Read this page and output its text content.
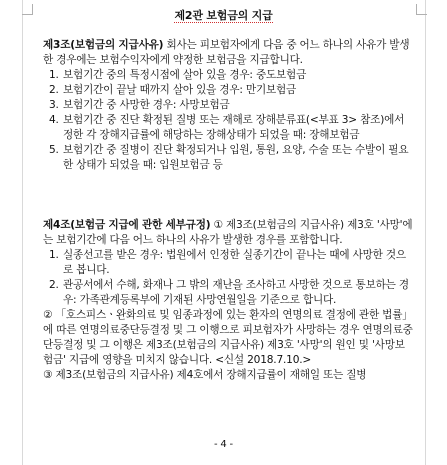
제2관 보험금의 지급

제3조(보험금의 지급사유) 회사는 피보험자에게 다음 중 어느 하나의 사유가 발생한 경우에는 보험수익자에게 약정한 보험금을 지급합니다.

1. 보험기간 중의 특정시점에 살아 있을 경우: 중도보험금
2. 보험기간이 끝날 때까지 살아 있을 경우: 만기보험금
3. 보험기간 중 사망한 경우: 사망보험금
4. 보험기간 중 진단 확정된 질병 또는 재해로 장해분류표(<부표 3> 참조)에서 정한 각 장해지급률에 해당하는 장해상태가 되었을 때: 장해보험금
5. 보험기간 중 질병이 진단 확정되거나 입원, 통원, 요양, 수술 또는 수발이 필요한 상태가 되었을 때: 입원보험금 등

제4조(보험금 지급에 관한 세부규정) ① 제3조(보험금의 지급사유) 제3호 '사망'에는 보험기간에 다음 어느 하나의 사유가 발생한 경우를 포함합니다.

1. 실종선고를 받은 경우: 법원에서 인정한 실종기간이 끝나는 때에 사망한 것으로 봅니다.
2. 관공서에서 수해, 화재나 그 밖의 재난을 조사하고 사망한 것으로 통보하는 경우: 가족관계등록부에 기재된 사망연월일을 기준으로 합니다.

② 「호스피스ㆍ완화의료 및 임종과정에 있는 환자의 연명의료 결정에 관한 법률」에 따른 연명의료중단등결정 및 그 이행으로 피보험자가 사망하는 경우 연명의료중단등결정 및 그 이행은 제3조(보험금의 지급사유) 제3호 '사망'의 원인 및 '사망보험금' 지급에 영향을 미치지 않습니다. <신설 2018.7.10.>

③ 제3조(보험금의 지급사유) 제4호에서 장해지급률이 재해일 또는 질병

- 4 -
